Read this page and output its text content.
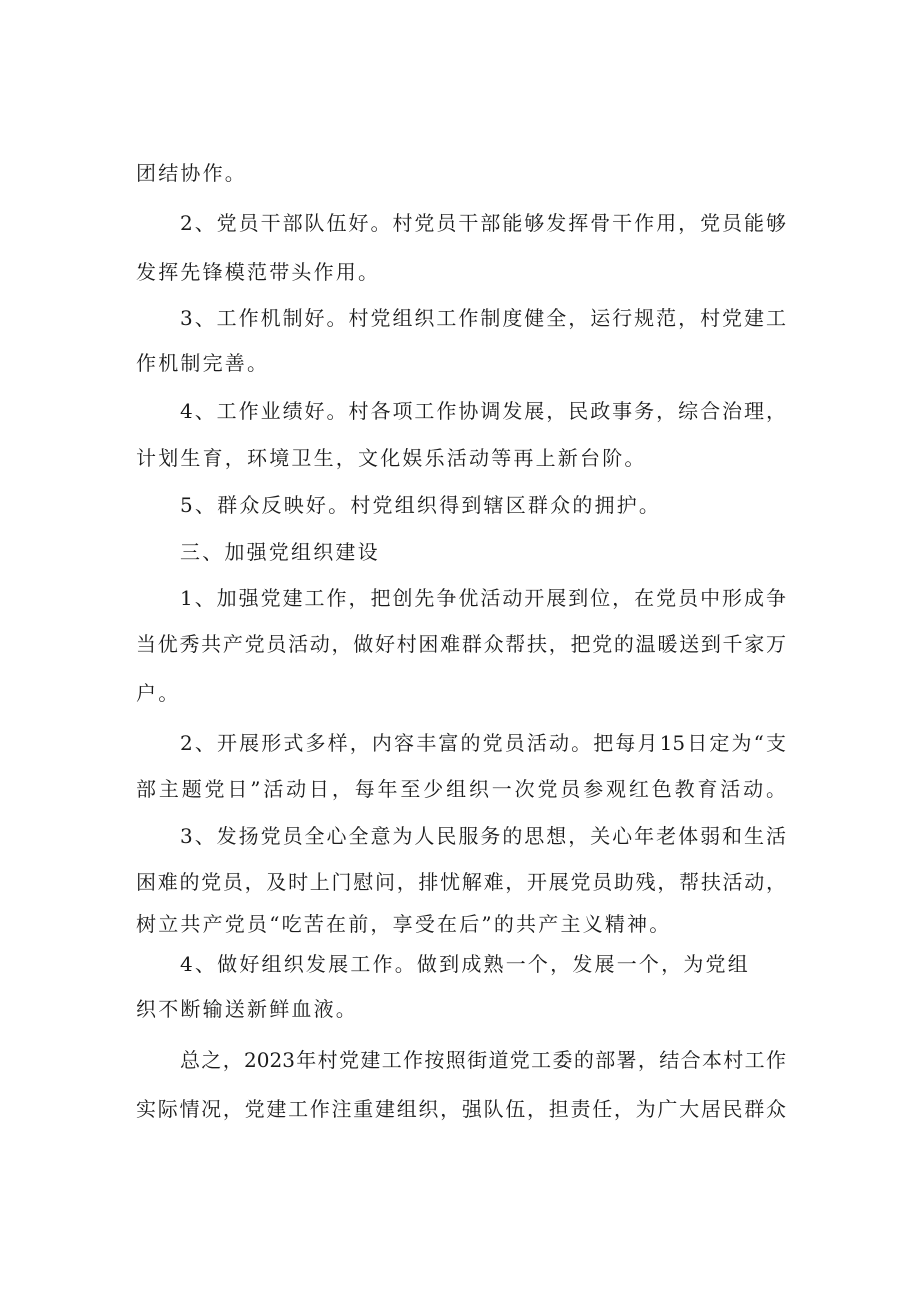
团结协作。
2、党员干部队伍好。村党员干部能够发挥骨干作用，党员能够
发挥先锋模范带头作用。
3、工作机制好。村党组织工作制度健全，运行规范，村党建工
作机制完善。
4、工作业绩好。村各项工作协调发展，民政事务，综合治理，
计划生育，环境卫生，文化娱乐活动等再上新台阶。
5、群众反映好。村党组织得到辖区群众的拥护。
三、加强党组织建设
1、加强党建工作，把创先争优活动开展到位，在党员中形成争
当优秀共产党员活动，做好村困难群众帮扶，把党的温暖送到千家万
户。
2、开展形式多样，内容丰富的党员活动。把每月15日定为“支
部主题党日”活动日，每年至少组织一次党员参观红色教育活动。
3、发扬党员全心全意为人民服务的思想，关心年老体弱和生活
困难的党员，及时上门慰问，排忧解难，开展党员助残，帮扶活动，
树立共产党员“吃苦在前，享受在后”的共产主义精神。
4、做好组织发展工作。做到成熟一个，发展一个，为党组
织不断输送新鲜血液。
总之，2023年村党建工作按照街道党工委的部署，结合本村工作
实际情况，党建工作注重建组织，强队伍，担责任，为广大居民群众
